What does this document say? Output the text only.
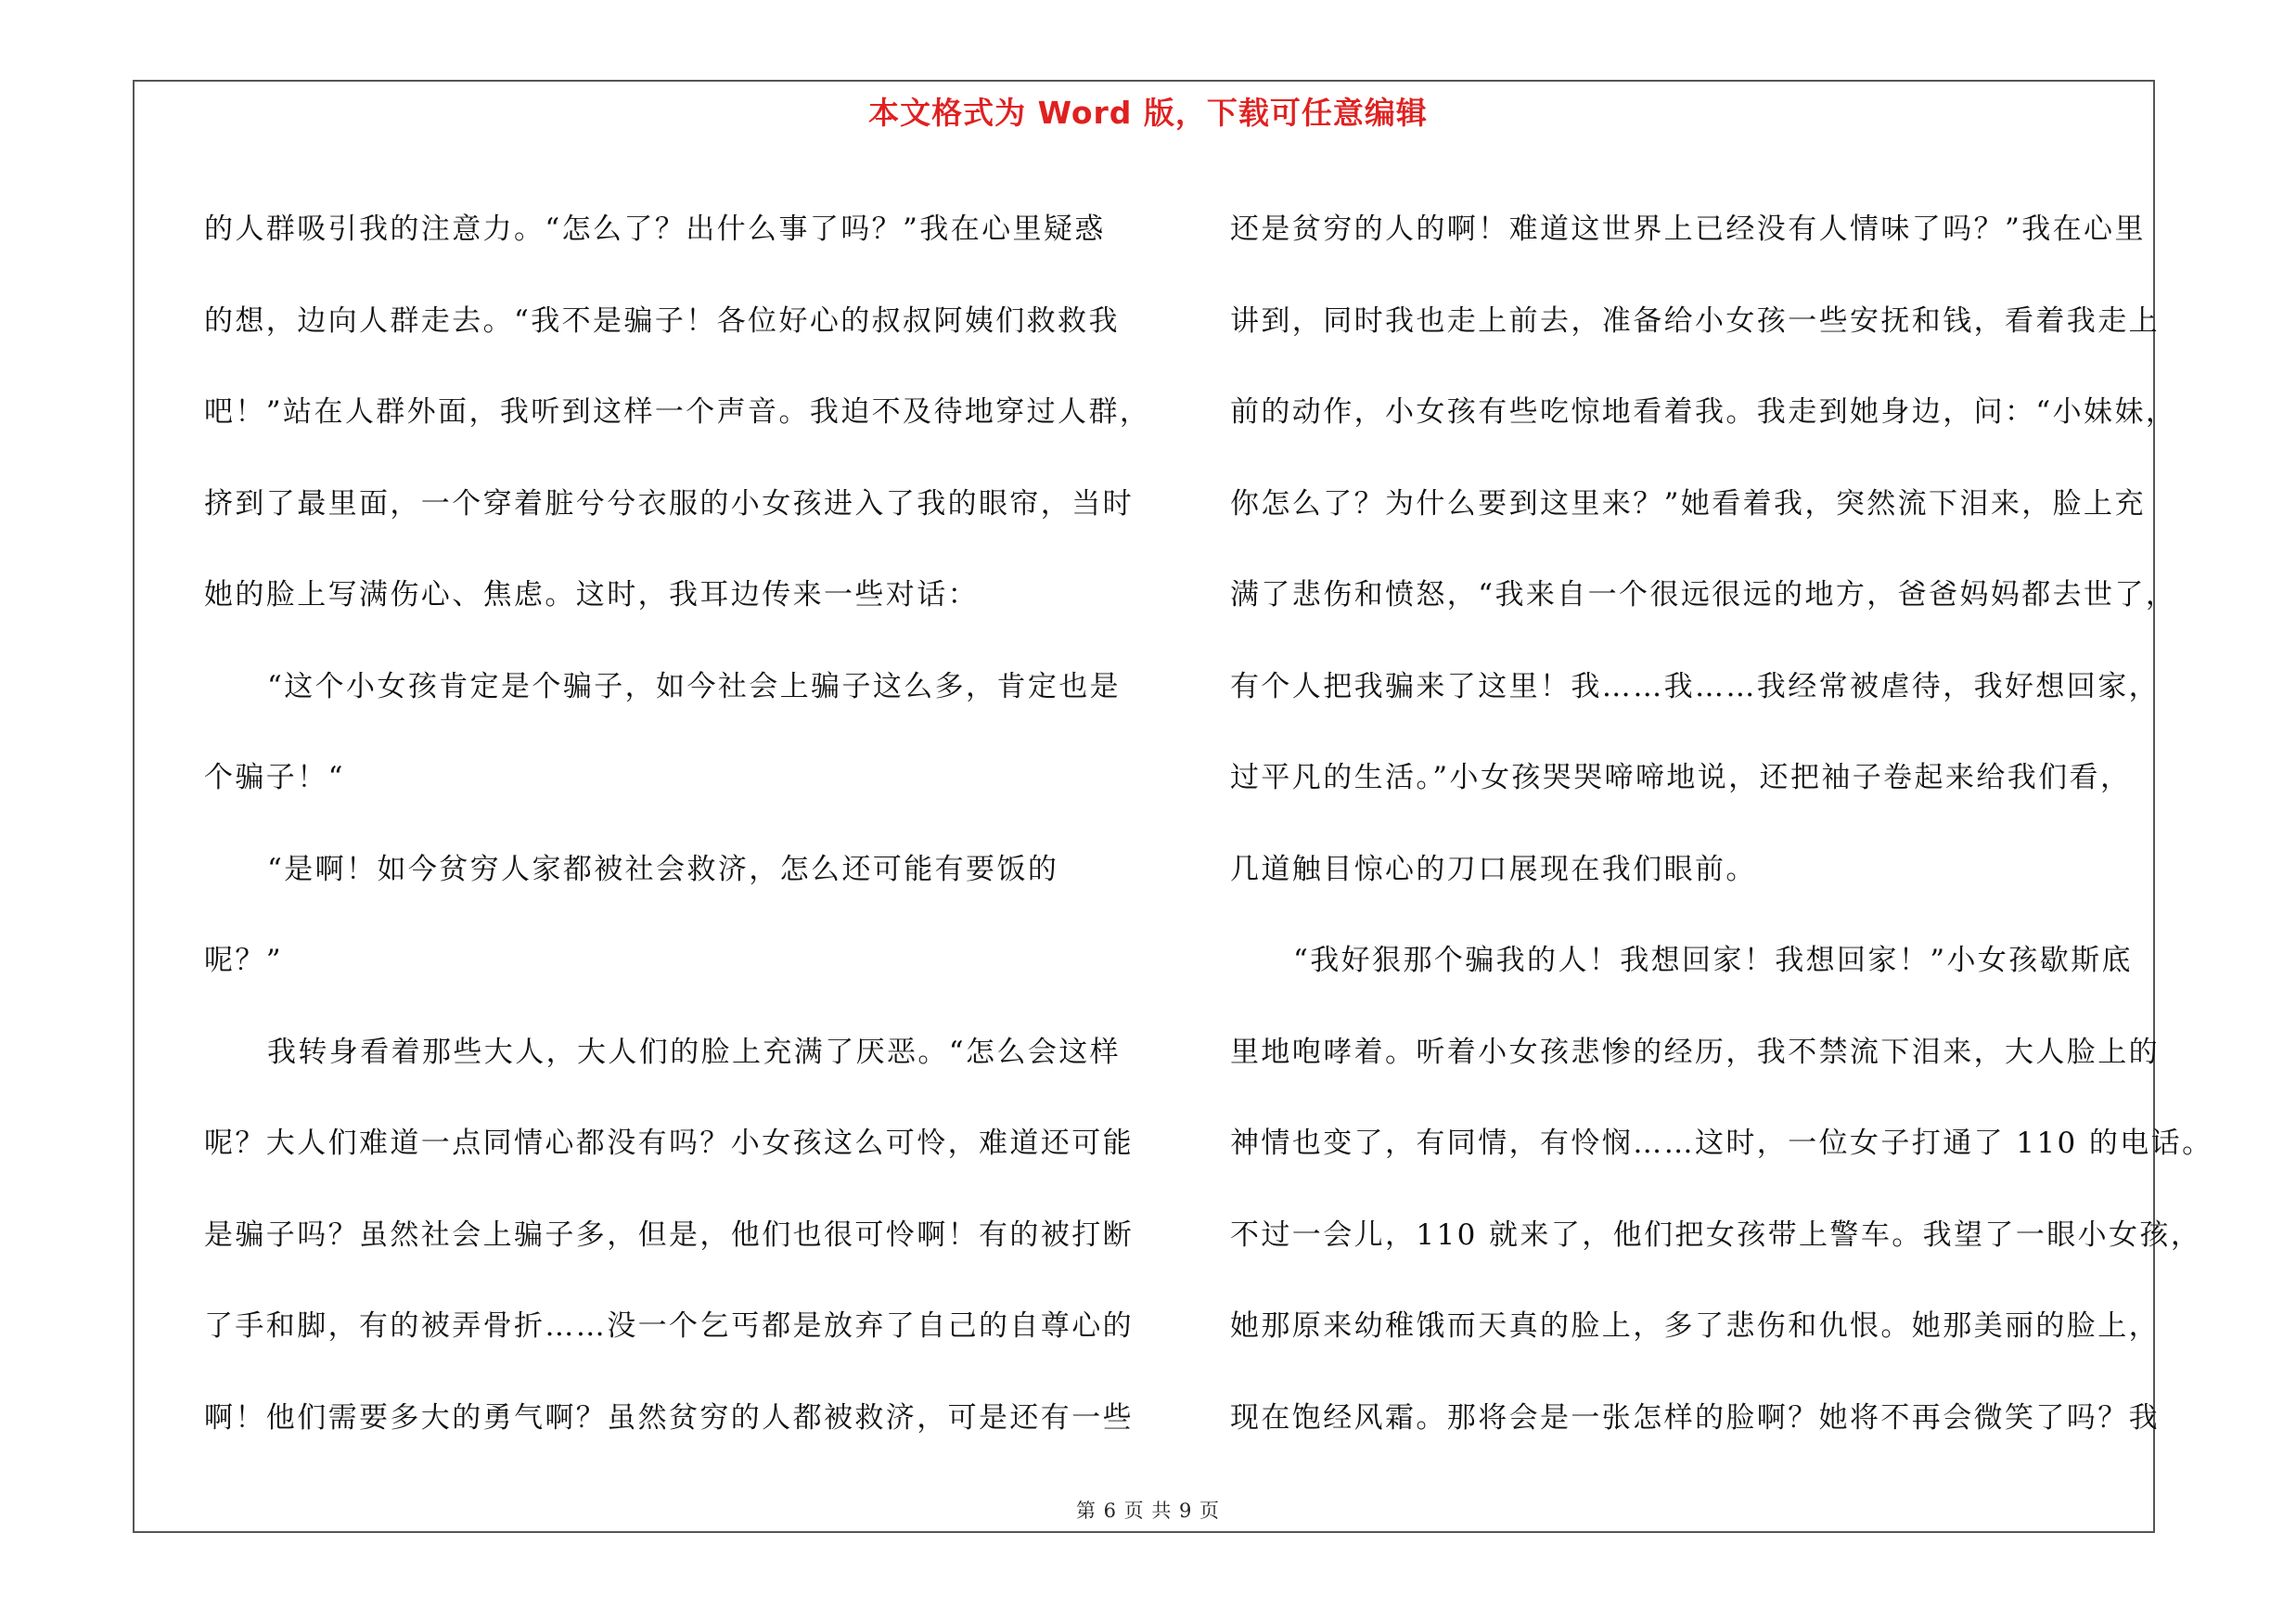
本文格式为 Word 版，下载可任意编辑
的人群吸引我的注意力。“怎么了？出什么事了吗？”我在心里疑惑
的想，边向人群走去。“我不是骗子！各位好心的叔叔阿姨们救救我
吧！”站在人群外面，我听到这样一个声音。我迫不及待地穿过人群，
挤到了最里面，一个穿着脏兮兮衣服的小女孩进入了我的眼帘，当时
她的脸上写满伤心、焦虑。这时，我耳边传来一些对话：
“这个小女孩肯定是个骗子，如今社会上骗子这么多，肯定也是
个骗子！“
“是啊！如今贫穷人家都被社会救济，怎么还可能有要饭的
呢？”
我转身看着那些大人，大人们的脸上充满了厌恶。“怎么会这样
呢？大人们难道一点同情心都没有吗？小女孩这么可怜，难道还可能
是骗子吗？虽然社会上骗子多，但是，他们也很可怜啊！有的被打断
了手和脚，有的被弄骨折……没一个乞丐都是放弃了自己的自尊心的
啊！他们需要多大的勇气啊？虽然贫穷的人都被救济，可是还有一些
还是贫穷的人的啊！难道这世界上已经没有人情味了吗？”我在心里
讲到，同时我也走上前去，准备给小女孩一些安抚和钱，看着我走上
前的动作，小女孩有些吃惊地看着我。我走到她身边，问：“小妹妹，
你怎么了？为什么要到这里来？”她看着我，突然流下泪来，脸上充
满了悲伤和愤怒，“我来自一个很远很远的地方，爸爸妈妈都去世了，
有个人把我骗来了这里！我……我……我经常被虐待，我好想回家，
过平凡的生活。”小女孩哭哭啼啼地说，还把袖子卷起来给我们看，
几道触目惊心的刀口展现在我们眼前。
“我好狠那个骗我的人！我想回家！我想回家！”小女孩歇斯底
里地咆哮着。听着小女孩悲惨的经历，我不禁流下泪来，大人脸上的
神情也变了，有同情，有怜悯……这时，一位女子打通了 110 的电话。
不过一会儿，110 就来了，他们把女孩带上警车。我望了一眼小女孩，
她那原来幼稚饿而天真的脸上，多了悲伤和仇恨。她那美丽的脸上，
现在饱经风霜。那将会是一张怎样的脸啊？她将不再会微笑了吗？我
第 6 页 共 9 页
